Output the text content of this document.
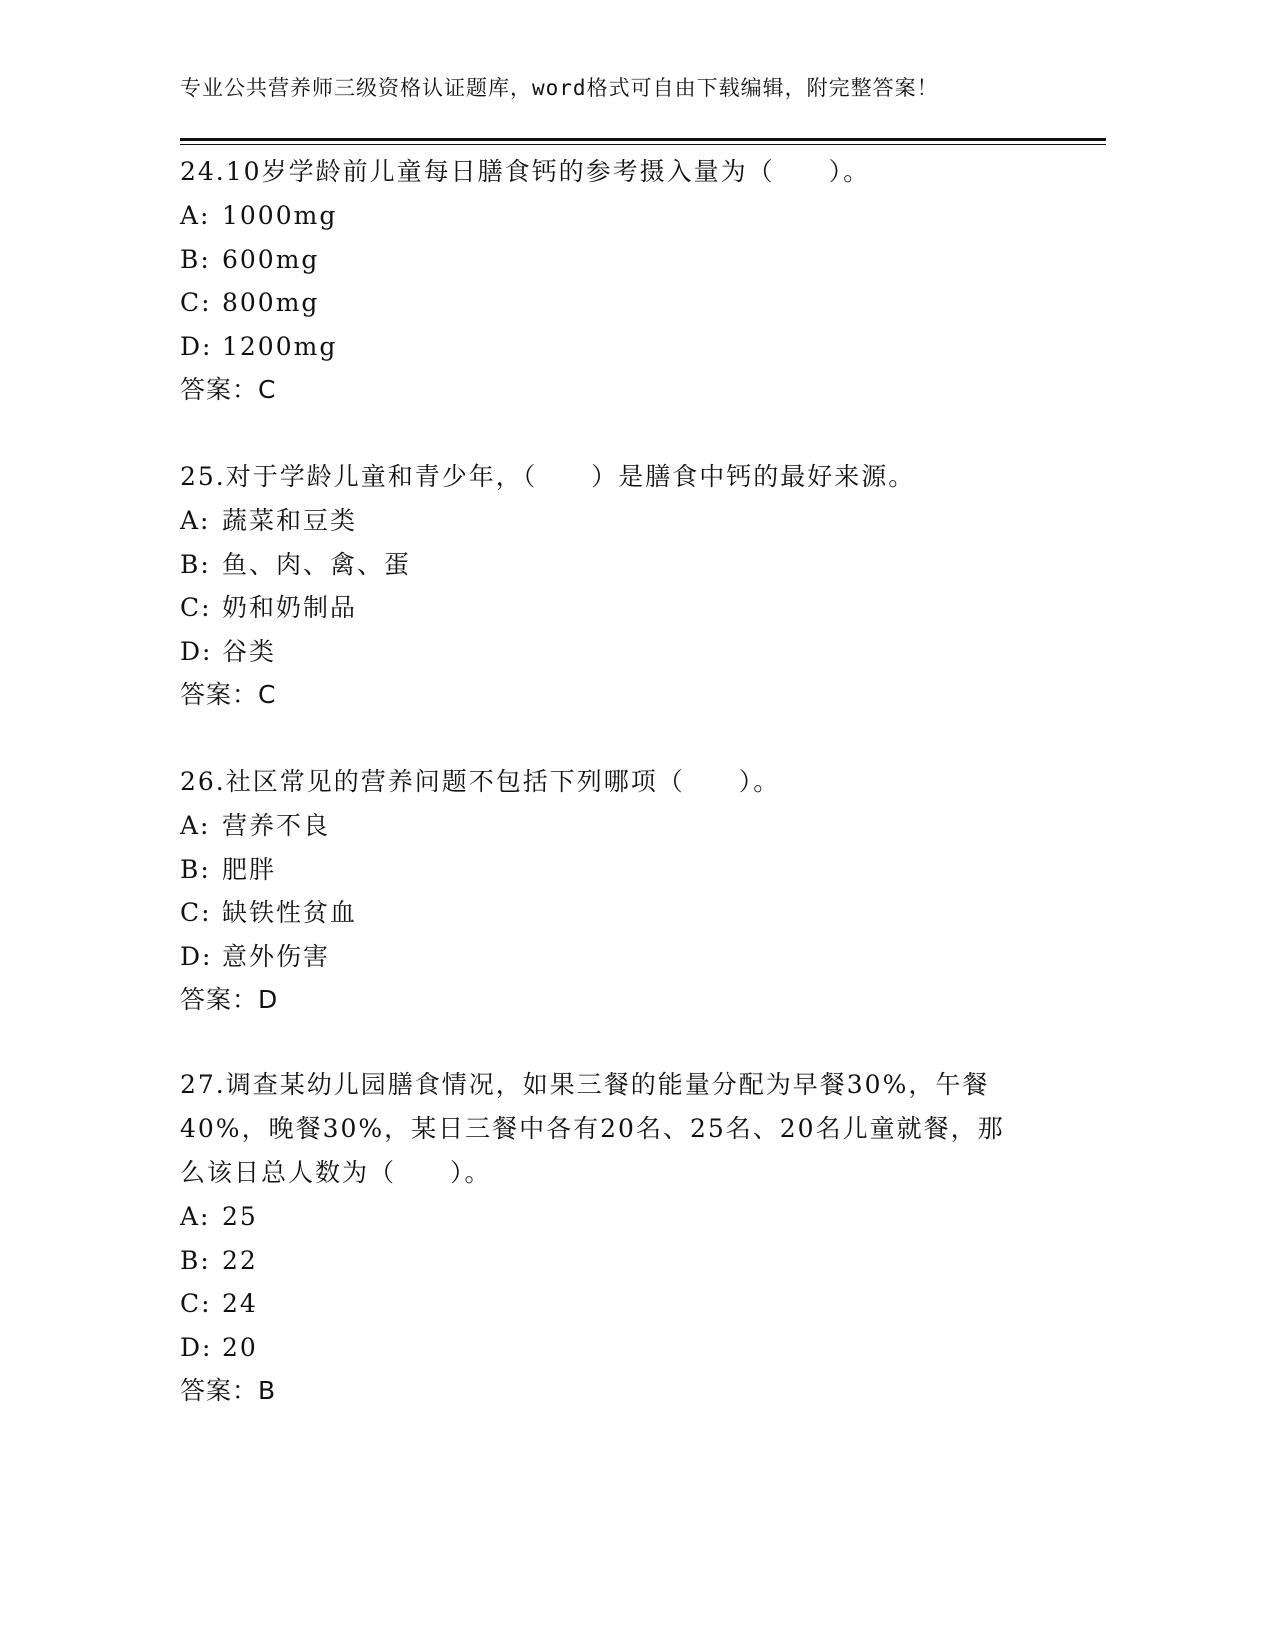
专业公共营养师三级资格认证题库，word格式可自由下载编辑，附完整答案！

24.10岁学龄前儿童每日膳食钙的参考摄入量为（　　）。

A: 1000mg

B: 600mg

C: 800mg

D: 1200mg

答案：C

25.对于学龄儿童和青少年，（　　）是膳食中钙的最好来源。

A: 蔬菜和豆类

B: 鱼、肉、禽、蛋

C: 奶和奶制品

D: 谷类

答案：C

26.社区常见的营养问题不包括下列哪项（　　）。

A: 营养不良

B: 肥胖

C: 缺铁性贫血

D: 意外伤害

答案：D

27.调查某幼儿园膳食情况，如果三餐的能量分配为早餐30%，午餐40%，晚餐30%，某日三餐中各有20名、25名、20名儿童就餐，那么该日总人数为（　　）。

A: 25

B: 22

C: 24

D: 20

答案：B
